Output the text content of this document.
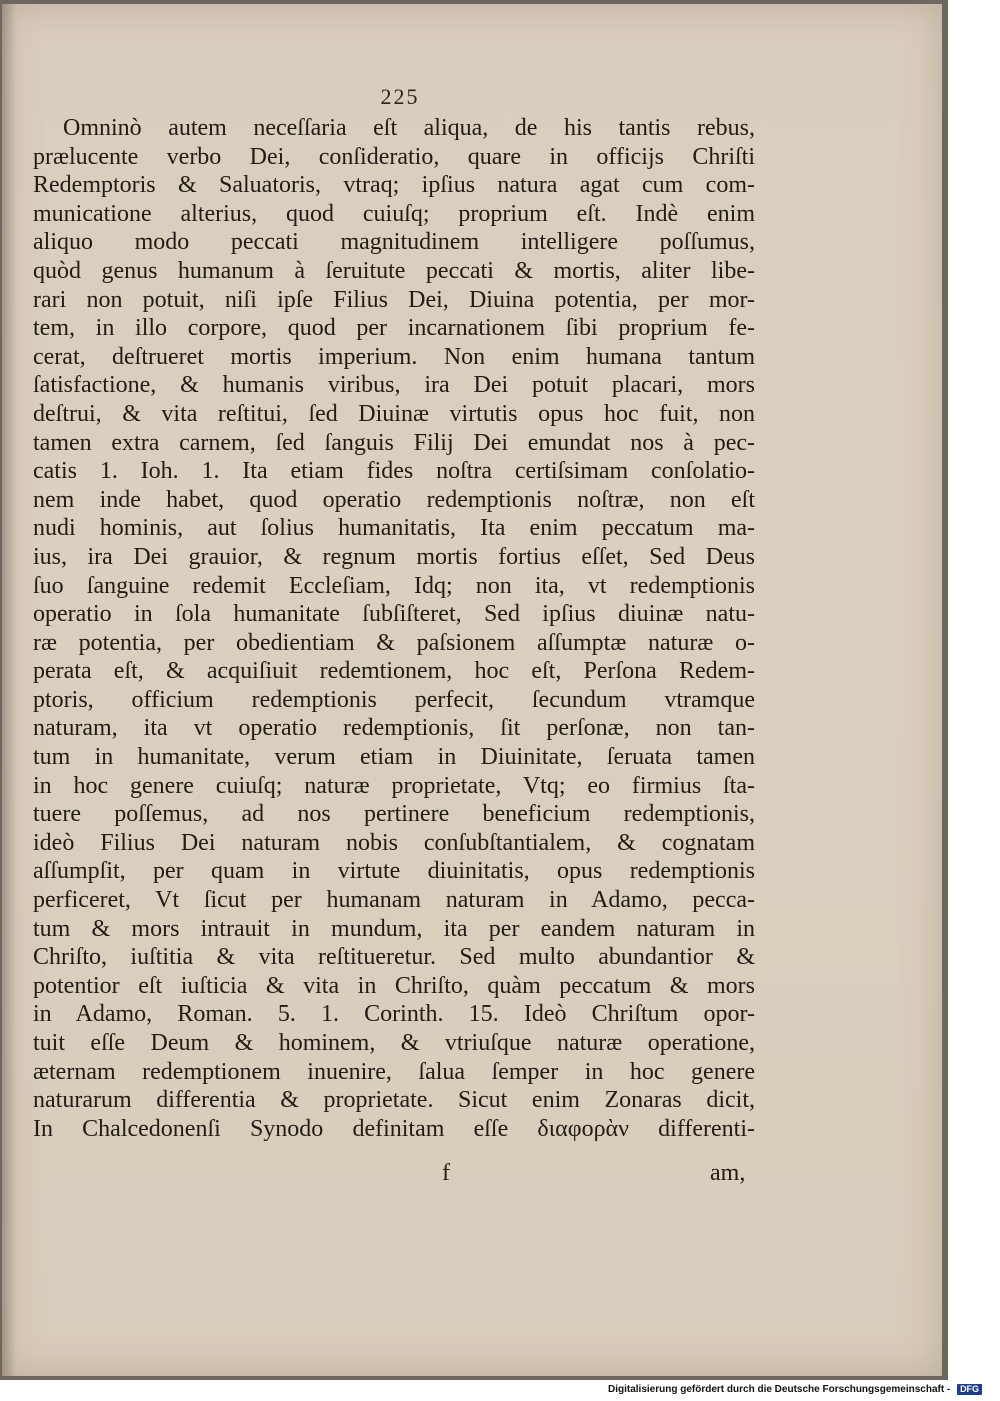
225
Omninò autem neceſſaria eſt aliqua, de his tantis rebus,
prælucente verbo Dei, conſideratio, quare in officijs Chriſti
Redemptoris & Saluatoris, vtraq; ipſius natura agat cum com-
municatione alterius, quod cuiuſq; proprium eſt. Indè enim
aliquo modo peccati magnitudinem intelligere poſſumus,
quòd genus humanum à ſeruitute peccati & mortis, aliter libe-
rari non potuit, niſi ipſe Filius Dei, Diuina potentia, per mor-
tem, in illo corpore, quod per incarnationem ſibi proprium fe-
cerat, deſtrueret mortis imperium. Non enim humana tantum
ſatisfactione, & humanis viribus, ira Dei potuit placari, mors
deſtrui, & vita reſtitui, ſed Diuinæ virtutis opus hoc fuit, non
tamen extra carnem, ſed ſanguis Filij Dei emundat nos à pec-
catis 1. Ioh. 1. Ita etiam fides noſtra certiſsimam conſolatio-
nem inde habet, quod operatio redemptionis noſtræ, non eſt
nudi hominis, aut ſolius humanitatis, Ita enim peccatum ma-
ius, ira Dei grauior, & regnum mortis fortius eſſet, Sed Deus
ſuo ſanguine redemit Eccleſiam, Idq; non ita, vt redemptionis
operatio in ſola humanitate ſubſiſteret, Sed ipſius diuinæ natu-
ræ potentia, per obedientiam & paſsionem aſſumptæ naturæ o-
perata eſt, & acquiſiuit redemtionem, hoc eſt, Perſona Redem-
ptoris, officium redemptionis perfecit, ſecundum vtramque
naturam, ita vt operatio redemptionis, ſit perſonæ, non tan-
tum in humanitate, verum etiam in Diuinitate, ſeruata tamen
in hoc genere cuiuſq; naturæ proprietate, Vtq; eo firmius ſta-
tuere poſſemus, ad nos pertinere beneficium redemptionis,
ideò Filius Dei naturam nobis conſubſtantialem, & cognatam
aſſumpſit, per quam in virtute diuinitatis, opus redemptionis
perficeret, Vt ſicut per humanam naturam in Adamo, pecca-
tum & mors intrauit in mundum, ita per eandem naturam in
Chriſto, iuſtitia & vita reſtitueretur. Sed multo abundantior &
potentior eſt iuſticia & vita in Chriſto, quàm peccatum & mors
in Adamo, Roman. 5. 1. Corinth. 15. Ideò Chriſtum opor-
tuit eſſe Deum & hominem, & vtriuſque naturæ operatione,
æternam redemptionem inuenire, ſalua ſemper in hoc genere
naturarum differentia & proprietate. Sicut enim Zonaras dicit,
In Chalcedonenſi Synodo definitam eſſe διαφορὰν differenti-
f	am,
Digitalisierung gefördert durch die Deutsche Forschungsgemeinschaft - DFG
